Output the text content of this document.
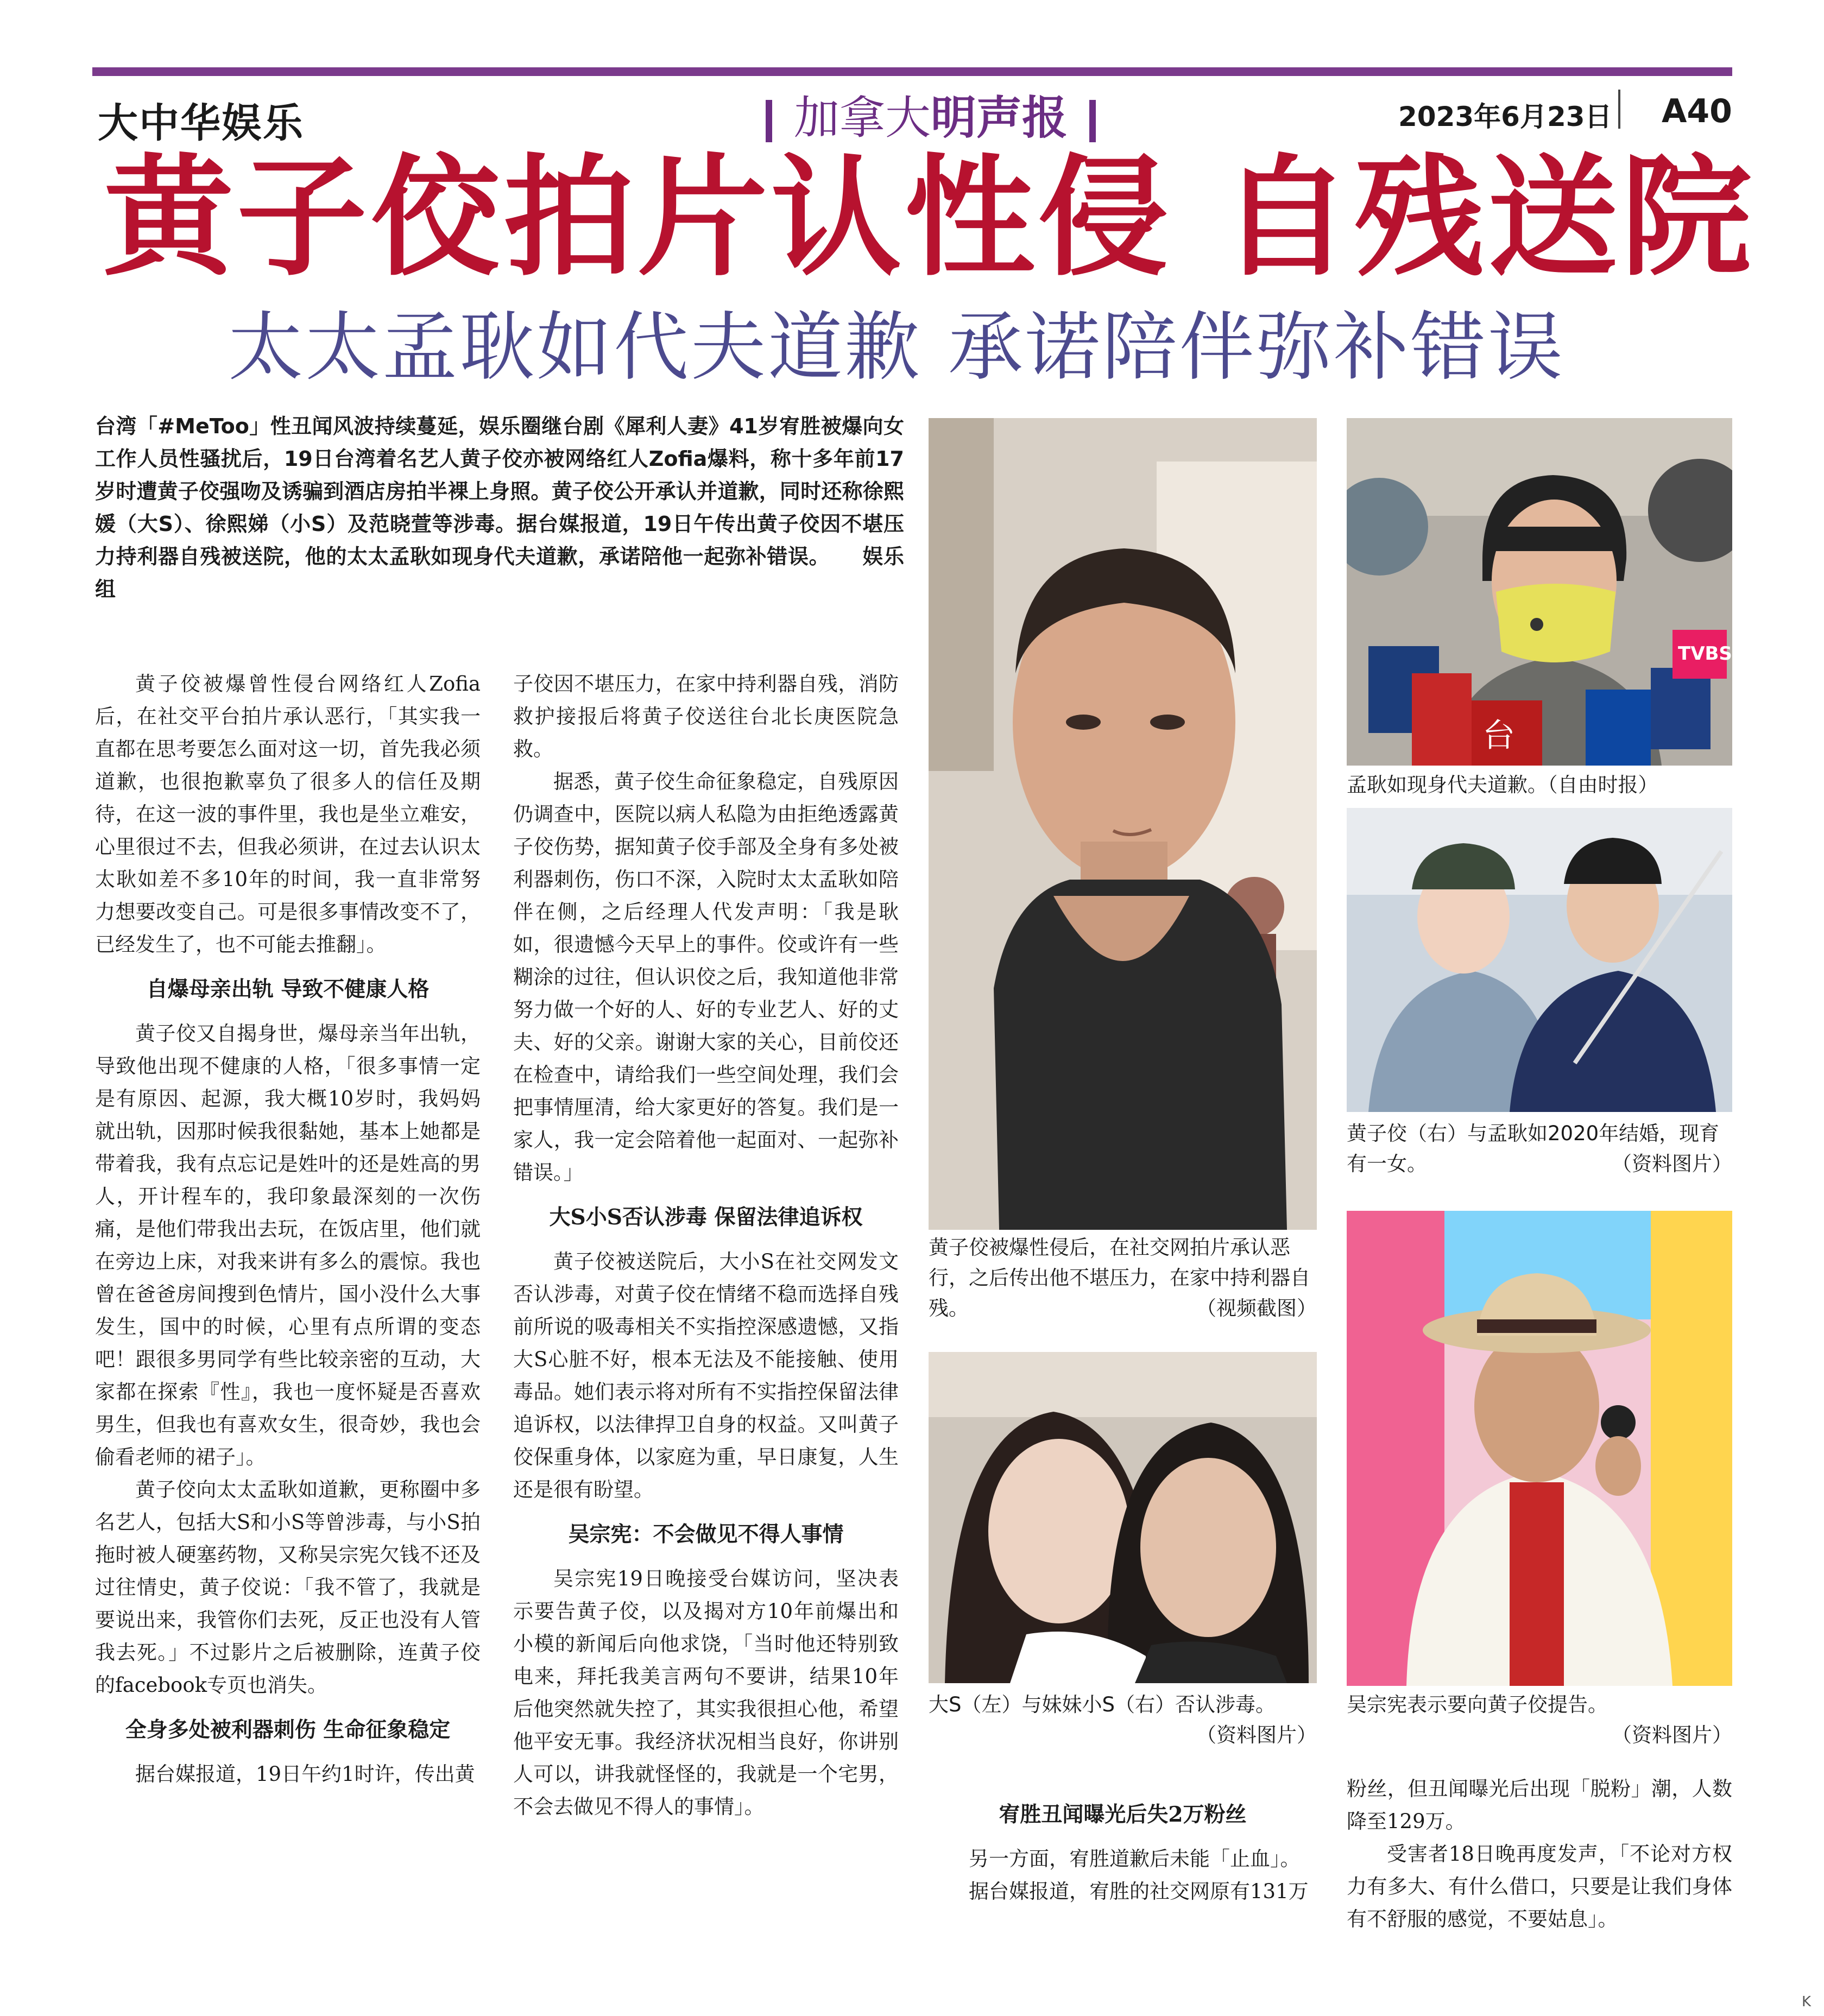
大中华娱乐	加拿大明声报	2023年6月23日 A40
黄子佼拍片认性侵 自残送院
太太孟耿如代夫道歉 承诺陪伴弥补错误
台湾「#MeToo」性丑闻风波持续蔓延，娱乐圈继台剧《犀利人妻》41岁宥胜被爆向女工作人员性骚扰后，19日台湾着名艺人黄子佼亦被网络红人Zofia爆料，称十多年前17岁时遭黄子佼强吻及诱骗到酒店房拍半裸上身照。黄子佼公开承认并道歉，同时还称徐熙媛（大S）、徐熙娣（小S）及范晓萱等涉毒。据台媒报道，19日午传出黄子佼因不堪压力持利器自残被送院，他的太太孟耿如现身代夫道歉，承诺陪他一起弥补错误。 娱乐组

黄子佼被爆曾性侵台网络红人Zofia后，在社交平台拍片承认恶行，「其实我一直都在思考要怎么面对这一切，首先我必须道歉，也很抱歉辜负了很多人的信任及期待，在这一波的事件里，我也是坐立难安，心里很过不去，但我必须讲，在过去认识太太耿如差不多10年的时间，我一直非常努力想要改变自己。可是很多事情改变不了，已经发生了，也不可能去推翻」。

自爆母亲出轨 导致不健康人格

黄子佼又自揭身世，爆母亲当年出轨，导致他出现不健康的人格，「很多事情一定是有原因、起源，我大概10岁时，我妈妈就出轨，因那时候我很黏她，基本上她都是带着我，我有点忘记是姓叶的还是姓高的男人，开计程车的，我印象最深刻的一次伤痛，是他们带我出去玩，在饭店里，他们就在旁边上床，对我来讲有多么的震惊。我也曾在爸爸房间搜到色情片，国小没什么大事发生，国中的时候，心里有点所谓的变态吧！跟很多男同学有些比较亲密的互动，大家都在探索『性』，我也一度怀疑是否喜欢男生，但我也有喜欢女生，很奇妙，我也会偷看老师的裙子」。

黄子佼向太太孟耿如道歉，更称圈中多名艺人，包括大S和小S等曾涉毒，与小S拍拖时被人硬塞药物，又称吴宗宪欠钱不还及过往情史，黄子佼说：「我不管了，我就是要说出来，我管你们去死，反正也没有人管我去死。」不过影片之后被删除，连黄子佼的facebook专页也消失。

全身多处被利器刺伤 生命征象稳定

据台媒报道，19日午约1时许，传出黄

子佼因不堪压力，在家中持利器自残，消防救护接报后将黄子佼送往台北长庚医院急救。

据悉，黄子佼生命征象稳定，自残原因仍调查中，医院以病人私隐为由拒绝透露黄子佼伤势，据知黄子佼手部及全身有多处被利器刺伤，伤口不深，入院时太太孟耿如陪伴在侧，之后经理人代发声明：「我是耿如，很遗憾今天早上的事件。佼或许有一些糊涂的过往，但认识佼之后，我知道他非常努力做一个好的人、好的专业艺人、好的丈夫、好的父亲。谢谢大家的关心，目前佼还在检查中，请给我们一些空间处理，我们会把事情厘清，给大家更好的答复。我们是一家人，我一定会陪着他一起面对、一起弥补错误。」

大S小S否认涉毒 保留法律追诉权

黄子佼被送院后，大小S在社交网发文否认涉毒，对黄子佼在情绪不稳而选择自残前所说的吸毒相关不实指控深感遗憾，又指大S心脏不好，根本无法及不能接触、使用毒品。她们表示将对所有不实指控保留法律追诉权，以法律捍卫自身的权益。又叫黄子佼保重身体，以家庭为重，早日康复，人生还是很有盼望。

吴宗宪：不会做见不得人事情

吴宗宪19日晚接受台媒访问，坚决表示要告黄子佼，以及揭对方10年前爆出和小模的新闻后向他求饶，「当时他还特别致电来，拜托我美言两句不要讲，结果10年后他突然就失控了，其实我很担心他，希望他平安无事。我经济状况相当良好，你讲别人可以，讲我就怪怪的，我就是一个宅男，不会去做见不得人的事情」。

黄子佼被爆性侵后，在社交网拍片承认恶行，之后传出他不堪压力，在家中持利器自残。	（视频截图）
大S（左）与妹妹小S（右）否认涉毒。
（资料图片）
宥胜丑闻曝光后失2万粉丝

另一方面，宥胜道歉后未能「止血」。

据台媒报道，宥胜的社交网原有131万

TVBS
台
孟耿如现身代夫道歉。（自由时报）
黄子佼（右）与孟耿如2020年结婚，现育有一女。	（资料图片）
吴宗宪表示要向黄子佼提告。
（资料图片）

粉丝，但丑闻曝光后出现「脱粉」潮，人数降至129万。

受害者18日晚再度发声，「不论对方权力有多大、有什么借口，只要是让我们身体有不舒服的感觉，不要姑息」。

K
